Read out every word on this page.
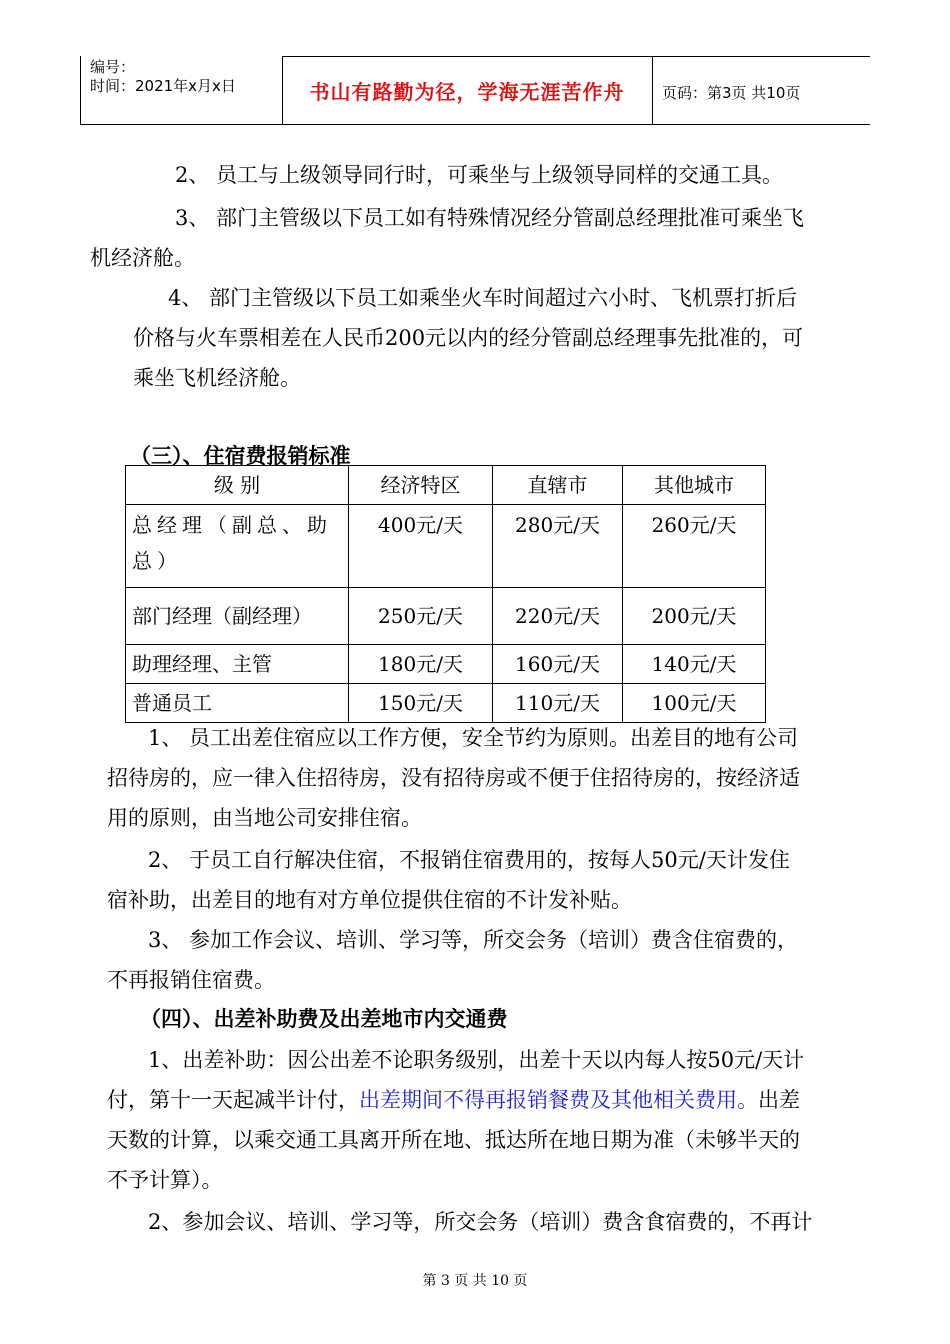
编号：
时间：2021年x月x日	书山有路勤为径，学海无涯苦作舟	页码：第3页 共10页
2、 员工与上级领导同行时，可乘坐与上级领导同样的交通工具。
3、 部门主管级以下员工如有特殊情况经分管副总经理批准可乘坐飞
机经济舱。
4、 部门主管级以下员工如乘坐火车时间超过六小时、飞机票打折后
价格与火车票相差在人民币200元以内的经分管副总经理事先批准的，可
乘坐飞机经济舱。
（三）、住宿费报销标准
级 别	经济特区	直辖市	其他城市

总经理（副总、助总）	400元/天	280元/天	260元/天
部门经理（副经理）	250元/天	220元/天	200元/天
助理经理、主管	180元/天	160元/天	140元/天
普通员工	150元/天	110元/天	100元/天
1、 员工出差住宿应以工作方便，安全节约为原则。出差目的地有公司
招待房的，应一律入住招待房，没有招待房或不便于住招待房的，按经济适
用的原则，由当地公司安排住宿。
2、 于员工自行解决住宿，不报销住宿费用的，按每人50元/天计发住
宿补助，出差目的地有对方单位提供住宿的不计发补贴。
3、 参加工作会议、培训、学习等，所交会务（培训）费含住宿费的，
不再报销住宿费。
（四）、出差补助费及出差地市内交通费
1、出差补助：因公出差不论职务级别，出差十天以内每人按50元/天计
付，第十一天起减半计付，出差期间不得再报销餐费及其他相关费用。出差
天数的计算，以乘交通工具离开所在地、抵达所在地日期为准（未够半天的
不予计算）。
2、参加会议、培训、学习等，所交会务（培训）费含食宿费的，不再计
第 3 页 共 10 页
